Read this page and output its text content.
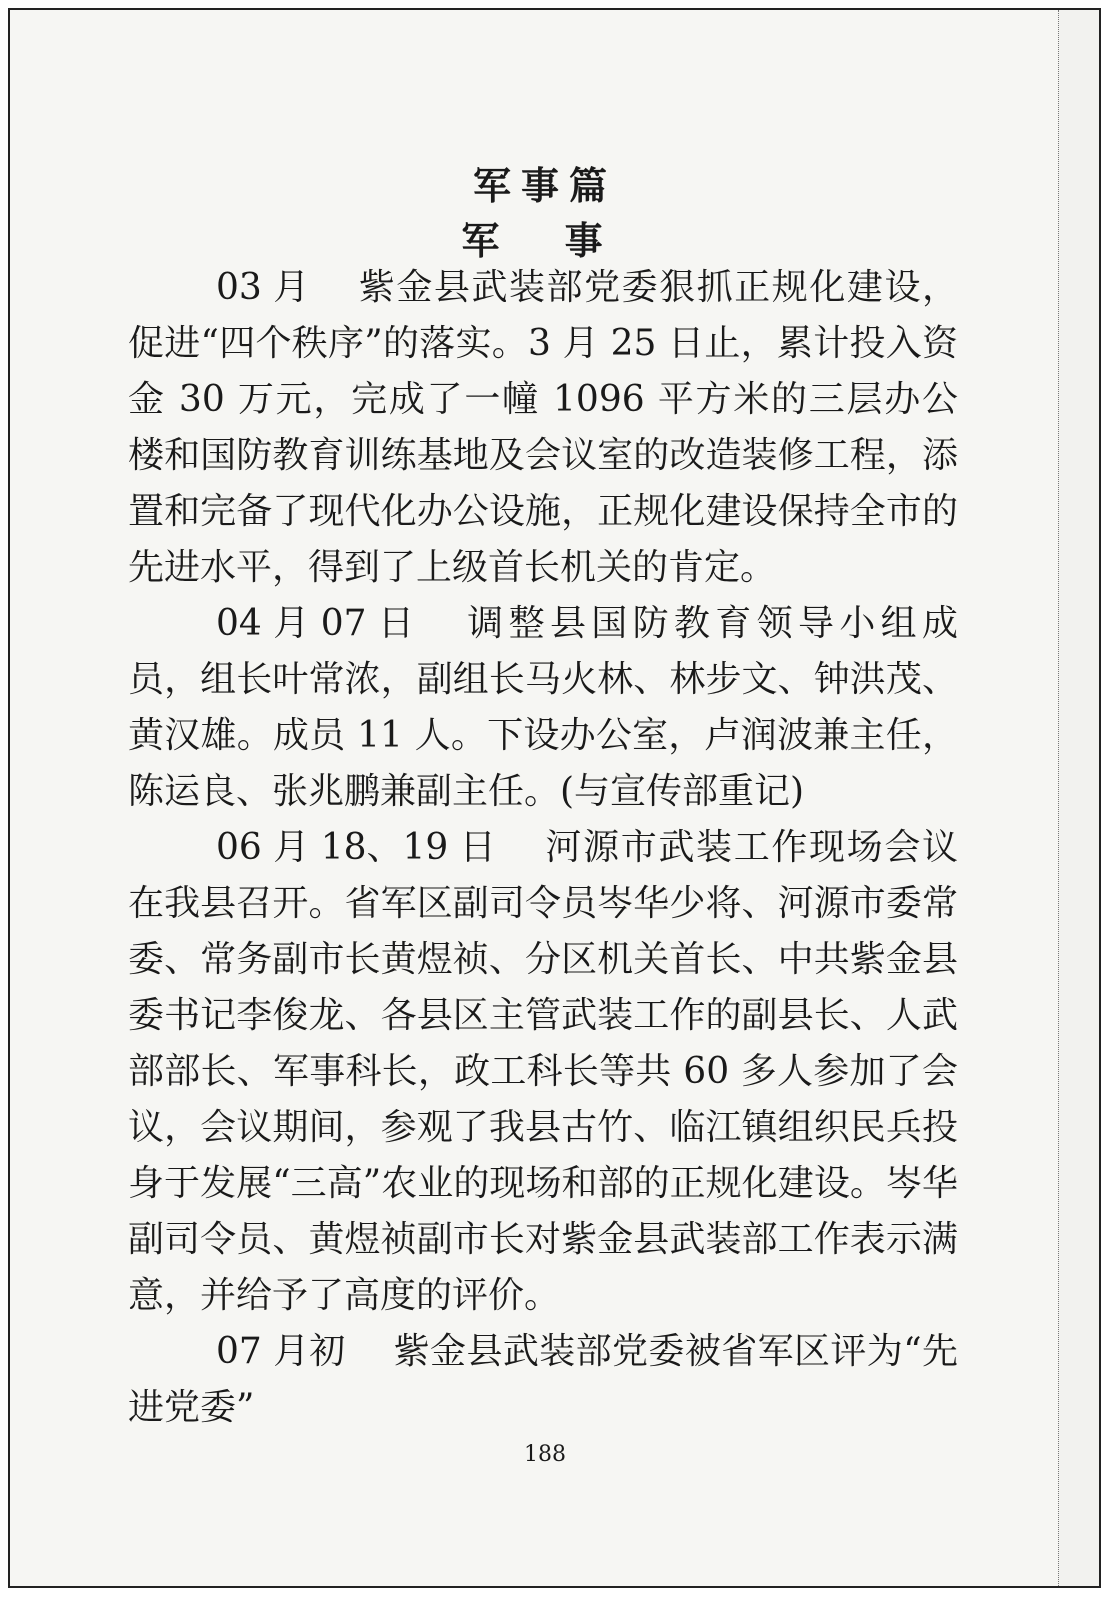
军事篇
军 事

03 月 紫金县武装部党委狠抓正规化建设，促进“四个秩序”的落实。3 月 25 日止，累计投入资金 30 万元，完成了一幢 1096 平方米的三层办公楼和国防教育训练基地及会议室的改造装修工程，添置和完备了现代化办公设施，正规化建设保持全市的先进水平，得到了上级首长机关的肯定。

04 月 07 日 调整县国防教育领导小组成员，组长叶常浓，副组长马火林、林步文、钟洪茂、黄汉雄。成员 11 人。下设办公室，卢润波兼主任，陈运良、张兆鹏兼副主任。(与宣传部重记)

06 月 18、19 日 河源市武装工作现场会议在我县召开。省军区副司令员岑华少将、河源市委常委、常务副市长黄煜祯、分区机关首长、中共紫金县委书记李俊龙、各县区主管武装工作的副县长、人武部部长、军事科长，政工科长等共 60 多人参加了会议，会议期间，参观了我县古竹、临江镇组织民兵投身于发展“三高”农业的现场和部的正规化建设。岑华副司令员、黄煜祯副市长对紫金县武装部工作表示满意，并给予了高度的评价。

07 月初 紫金县武装部党委被省军区评为“先进党委”

188
